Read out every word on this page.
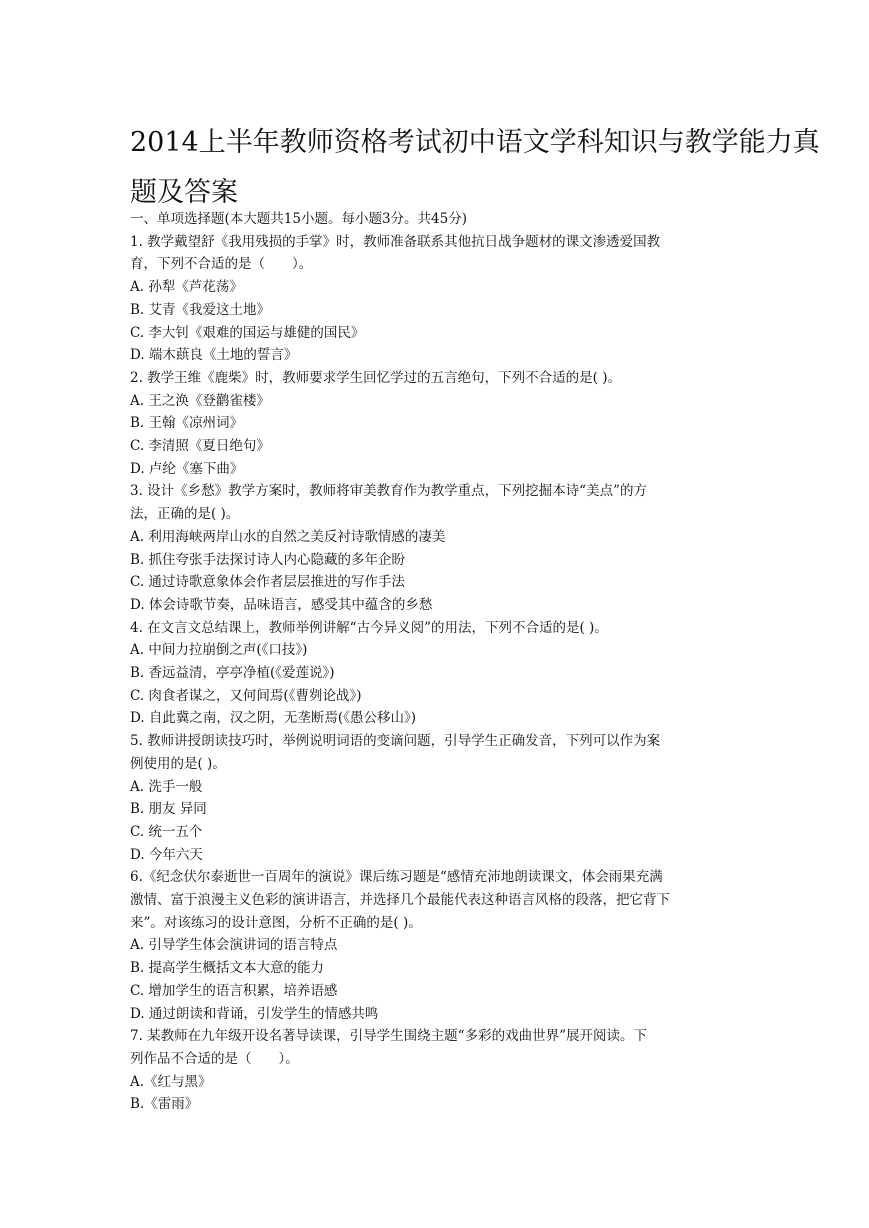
2014上半年教师资格考试初中语文学科知识与教学能力真
题及答案
一、单项选择题(本大题共15小题。每小题3分。共45分)
1. 教学戴望舒《我用残损的手掌》时，教师准备联系其他抗日战争题材的课文渗透爱国教
育，下列不合适的是（　　）。
A. 孙犁《芦花荡》
B. 艾青《我爱这土地》
C. 李大钊《艰难的国运与雄健的国民》
D. 端木蕻良《土地的誓言》
2. 教学王维《鹿柴》时，教师要求学生回忆学过的五言绝句，下列不合适的是( )。
A. 王之涣《登鹳雀楼》
B. 王翰《凉州词》
C. 李清照《夏日绝句》
D. 卢纶《塞下曲》
3. 设计《乡愁》教学方案时，教师将审美教育作为教学重点，下列挖掘本诗“美点”的方
法，正确的是( )。
A. 利用海峡两岸山水的自然之美反衬诗歌情感的凄美
B. 抓住夸张手法探讨诗人内心隐藏的多年企盼
C. 通过诗歌意象体会作者层层推进的写作手法
D. 体会诗歌节奏，品味语言，感受其中蕴含的乡愁
4. 在文言文总结课上，教师举例讲解“古今异义阅”的用法，下列不合适的是( )。
A. 中间力拉崩倒之声(《口技》)
B. 香远益清，亭亭净植(《爱莲说》)
C. 肉食者谋之，又何间焉(《曹刿论战》)
D. 自此冀之南，汉之阴，无垄断焉(《愚公移山》)
5. 教师讲授朗读技巧时，举例说明词语的变谪问题，引导学生正确发音，下列可以作为案
例使用的是( )。
A. 洗手一般
B. 朋友 异同
C. 统一五个
D. 今年六天
6.《纪念伏尔泰逝世一百周年的演说》课后练习题是“感情充沛地朗读课文，体会雨果充满
激情、富于浪漫主义色彩的演讲语言，并选择几个最能代表这种语言风格的段落，把它背下
来”。对该练习的设计意图，分析不正确的是( )。
A. 引导学生体会演讲词的语言特点
B. 提高学生概括文本大意的能力
C. 增加学生的语言积累，培养语感
D. 通过朗读和背诵，引发学生的情感共鸣
7. 某教师在九年级开设名著导读课，引导学生围绕主题“多彩的戏曲世界”展开阅读。下
列作品不合适的是（　　）。
A.《红与黑》
B.《雷雨》
